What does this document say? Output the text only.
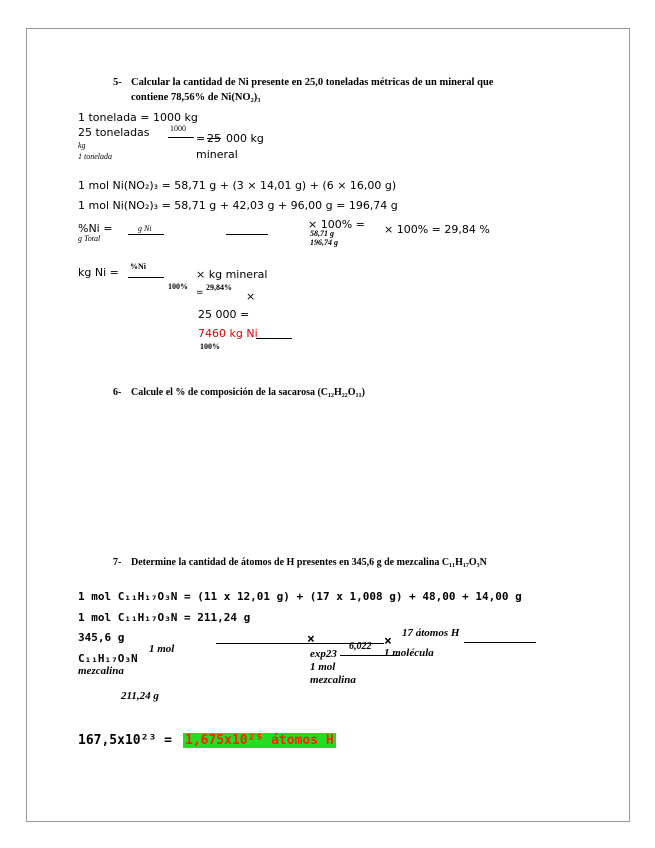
5- Calcular la cantidad de Ni presente en 25,0 toneladas métricas de un mineral que
contiene 78,56% de Ni(NO₂)₃
1 tonelada = 1000 kg
25 toneladas	1000
kg
1 tonelada
= 25 000 kg
mineral
1 mol Ni(NO₂)₃ = 58,71 g + (3 × 14,01 g) + (6 × 16,00 g)
1 mol Ni(NO₂)₃ = 58,71 g + 42,03 g + 96,00 g = 196,74 g
%Ni =	g Ni
g Total
× 100% =
58,71 g
196,74 g
× 100% = 29,84 %
kg Ni = %Ni
100%
× kg mineral
=
29,84%
×
25 000 =
7460 kg Ni
100%
6- Calcule el % de composición de la sacarosa (C₁₂H₂₂O₁₁)
7- Determine la cantidad de átomos de H presentes en 345,6 g de mezcalina C₁₁H₁₇O₃N
1 mol C₁₁H₁₇O₃N = (11 x 12,01 g) + (17 x 1,008 g) + 48,00 + 14,00 g
1 mol C₁₁H₁₇O₃N = 211,24 g
345,6 g
C₁₁H₁₇O₃N
mezcalina
1 mol
×
exp23
1 mol
mezcalina
6,022 ×
1 molécula
17 átomos H
211,24 g
167,5x10²³ = 1,675x10²⁵ átomos H
